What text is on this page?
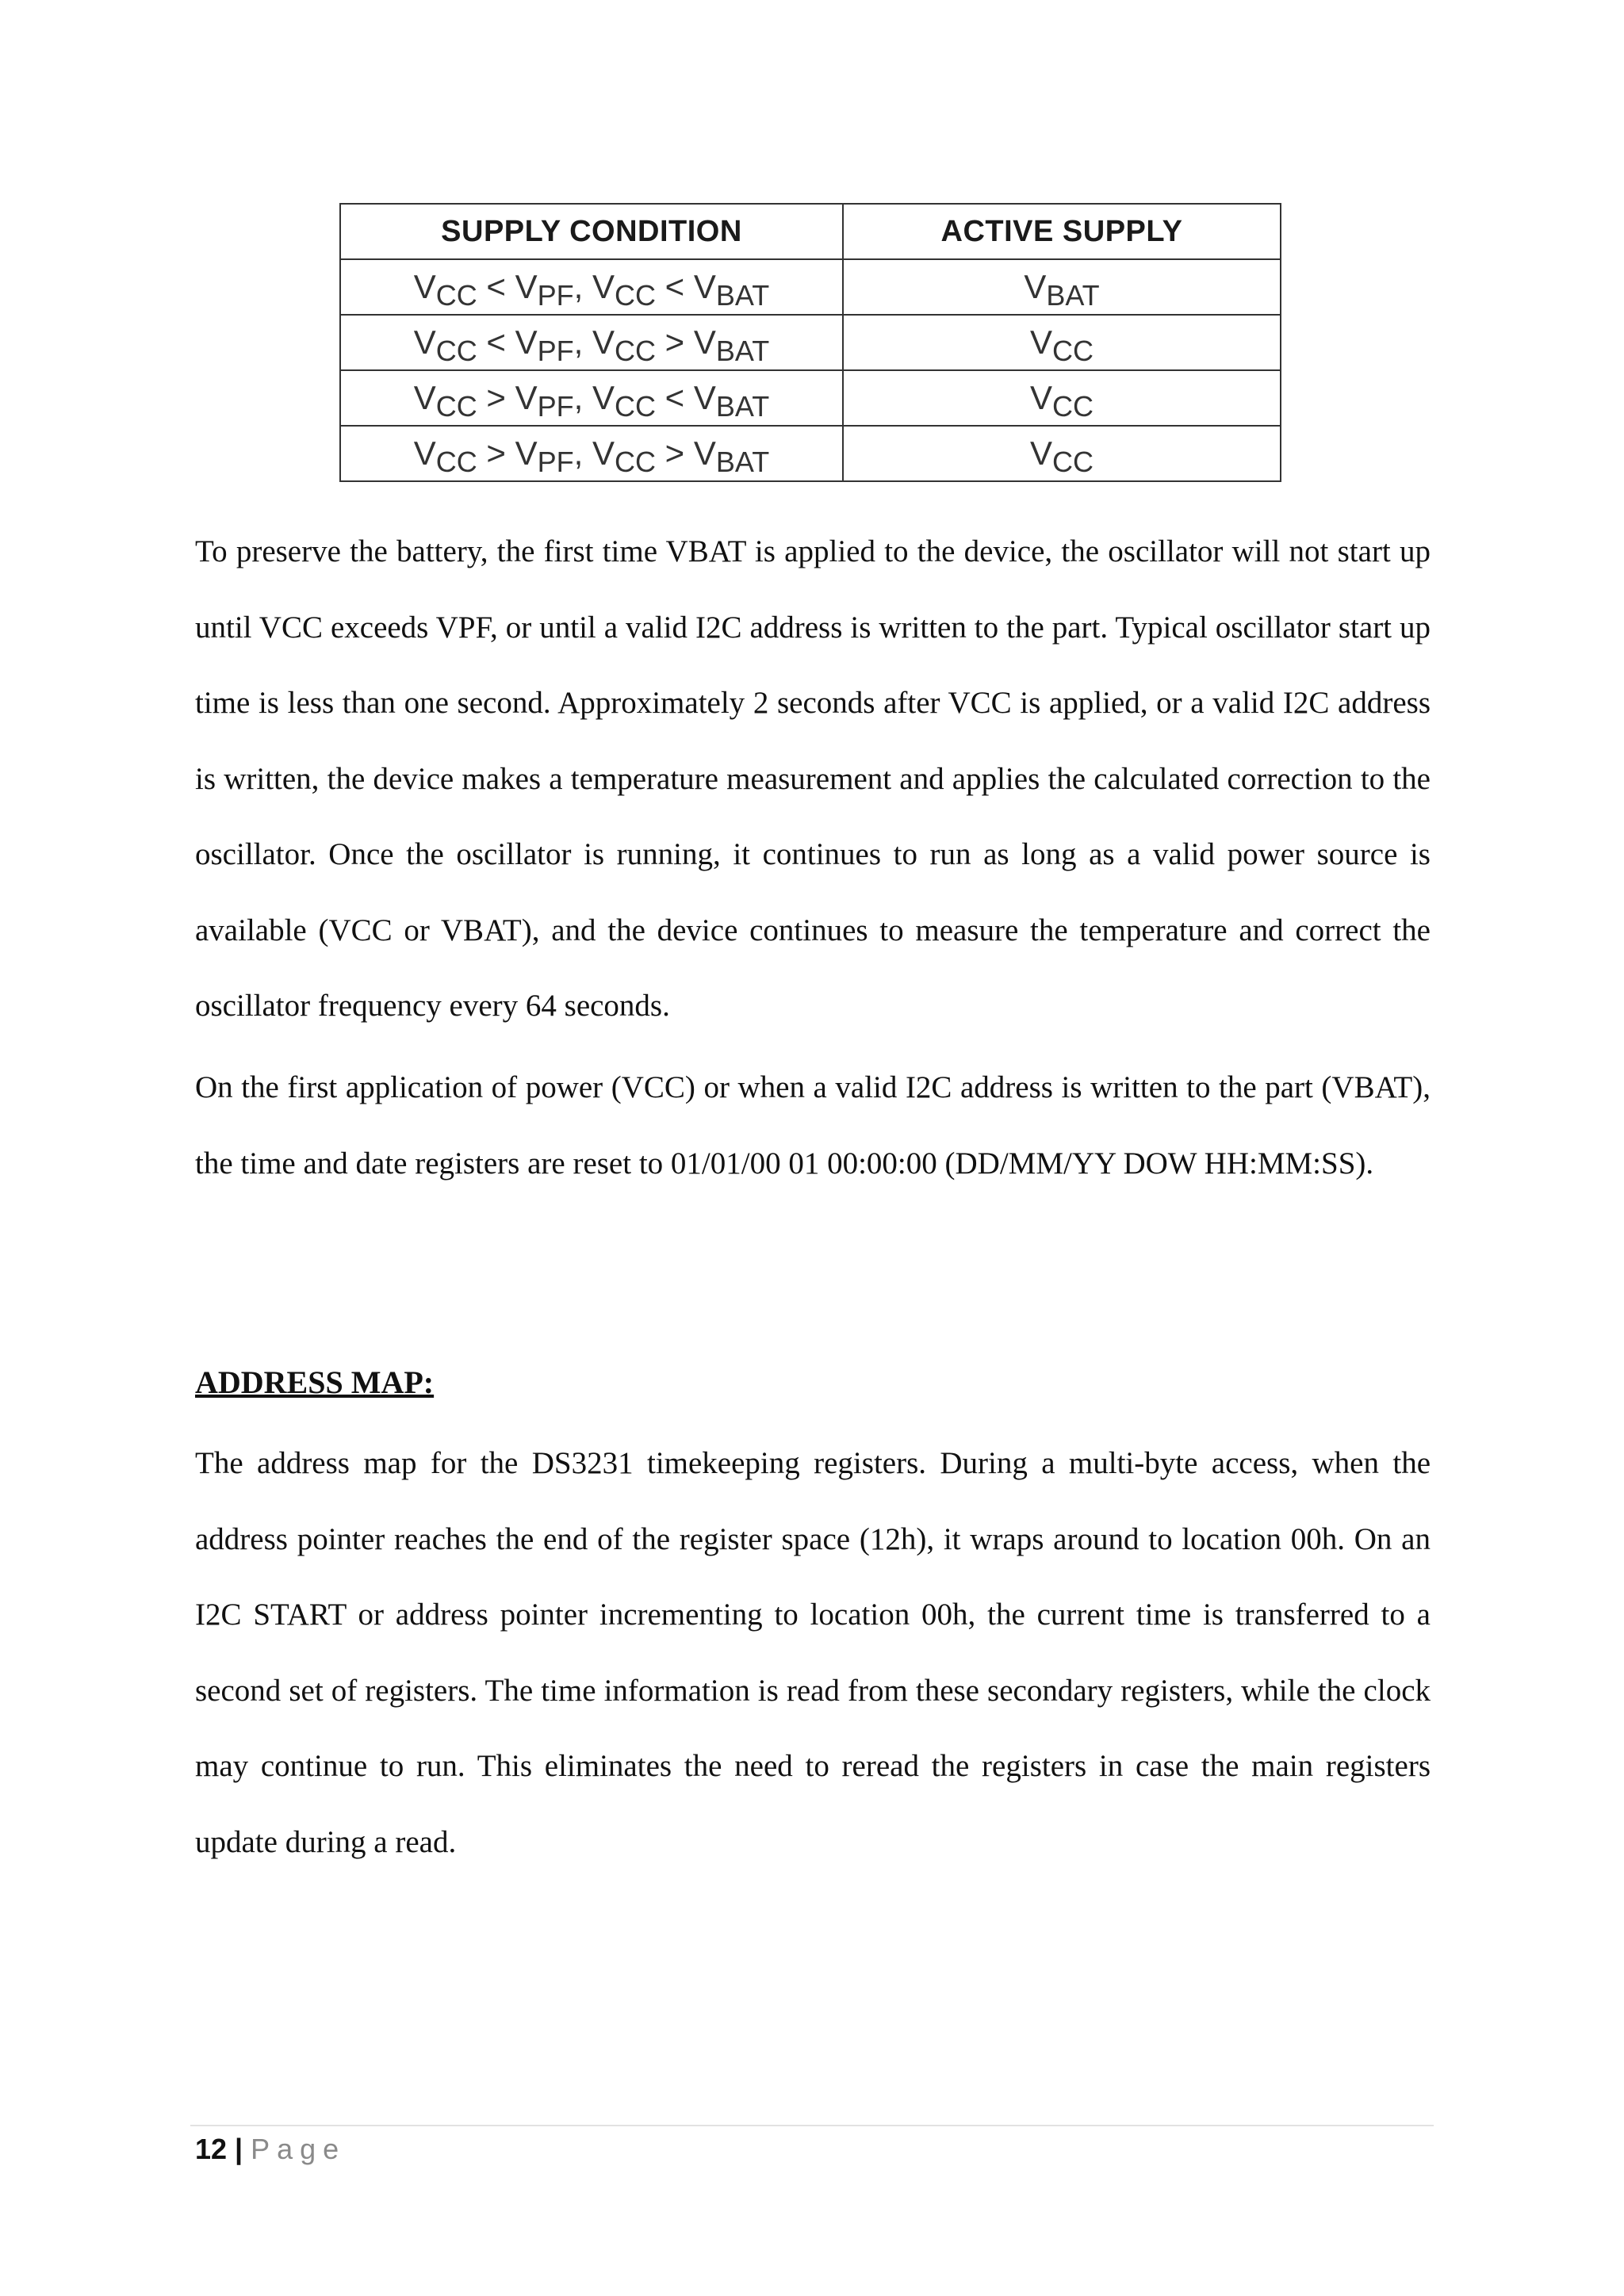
SUPPLY CONDITION	ACTIVE SUPPLY
$V_{CC} < V_{PF}$, $V_{CC} < V_{BAT}$	$V_{BAT}$
$V_{CC} < V_{PF}$, $V_{CC} > V_{BAT}$	$V_{CC}$
$V_{CC} > V_{PF}$, $V_{CC} < V_{BAT}$	$V_{CC}$
$V_{CC} > V_{PF}$, $V_{CC} > V_{BAT}$	$V_{CC}$

To preserve the battery, the first time VBAT is applied to the device, the oscillator will not start up until VCC exceeds VPF, or until a valid I2C address is written to the part. Typical oscillator start up time is less than one second. Approximately 2 seconds after VCC is applied, or a valid I2C address is written, the device makes a temperature measurement and applies the calculated correction to the oscillator. Once the oscillator is running, it continues to run as long as a valid power source is available (VCC or VBAT), and the device continues to measure the temperature and correct the oscillator frequency every 64 seconds.

On the first application of power (VCC) or when a valid I2C address is written to the part (VBAT), the time and date registers are reset to 01/01/00 01 00:00:00 (DD/MM/YY DOW HH:MM:SS).

ADDRESS MAP:

The address map for the DS3231 timekeeping registers. During a multi-byte access, when the address pointer reaches the end of the register space (12h), it wraps around to location 00h. On an I2C START or address pointer incrementing to location 00h, the current time is transferred to a second set of registers. The time information is read from these secondary registers, while the clock may continue to run. This eliminates the need to reread the registers in case the main registers update during a read.

12 | Page
